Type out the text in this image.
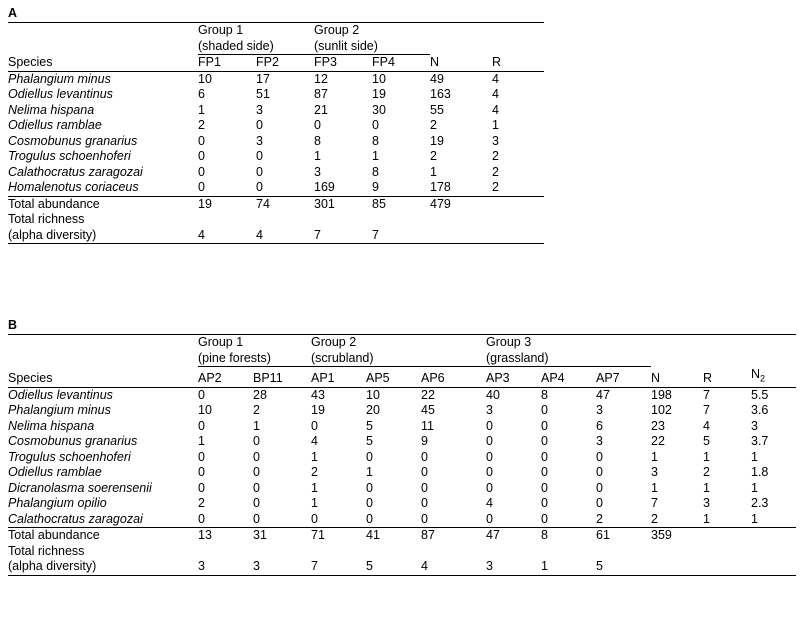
A
	Group 1
(shaded side)		Group 2
(sunlit side)			
Species	FP1	FP2	FP3	FP4	N	R
Phalangium minus	10	17	12	10	49	4
Odiellus levantinus	6	51	87	19	163	4
Nelima hispana	1	3	21	30	55	4
Odiellus ramblae	2	0	0	0	2	1
Cosmobunus granarius	0	3	8	8	19	3
Trogulus schoenhoferi	0	0	1	1	2	2
Calathocratus zaragozai	0	0	3	8	1	2
Homalenotus coriaceus	0	0	169	9	178	2
Total abundance	19	74	301	85	479	
Total richness						
(alpha diversity)	4	4	7	7		
B
	Group 1
(pine forests)		Group 2
(scrubland)			Group 3
(grassland)					
Species	AP2	BP11	AP1	AP5	AP6	AP3	AP4	AP7	N	R	$N_2$
Odiellus levantinus	0	28	43	10	22	40	8	47	198	7	5.5
Phalangium minus	10	2	19	20	45	3	0	3	102	7	3.6
Nelima hispana	0	1	0	5	11	0	0	6	23	4	3
Cosmobunus granarius	1	0	4	5	9	0	0	3	22	5	3.7
Trogulus schoenhoferi	0	0	1	0	0	0	0	0	1	1	1
Odiellus ramblae	0	0	2	1	0	0	0	0	3	2	1.8
Dicranolasma soerensenii	0	0	1	0	0	0	0	0	1	1	1
Phalangium opilio	2	0	1	0	0	4	0	0	7	3	2.3
Calathocratus zaragozai	0	0	0	0	0	0	0	2	2	1	1
Total abundance	13	31	71	41	87	47	8	61	359		
Total richness											
(alpha diversity)	3	3	7	5	4	3	1	5			
